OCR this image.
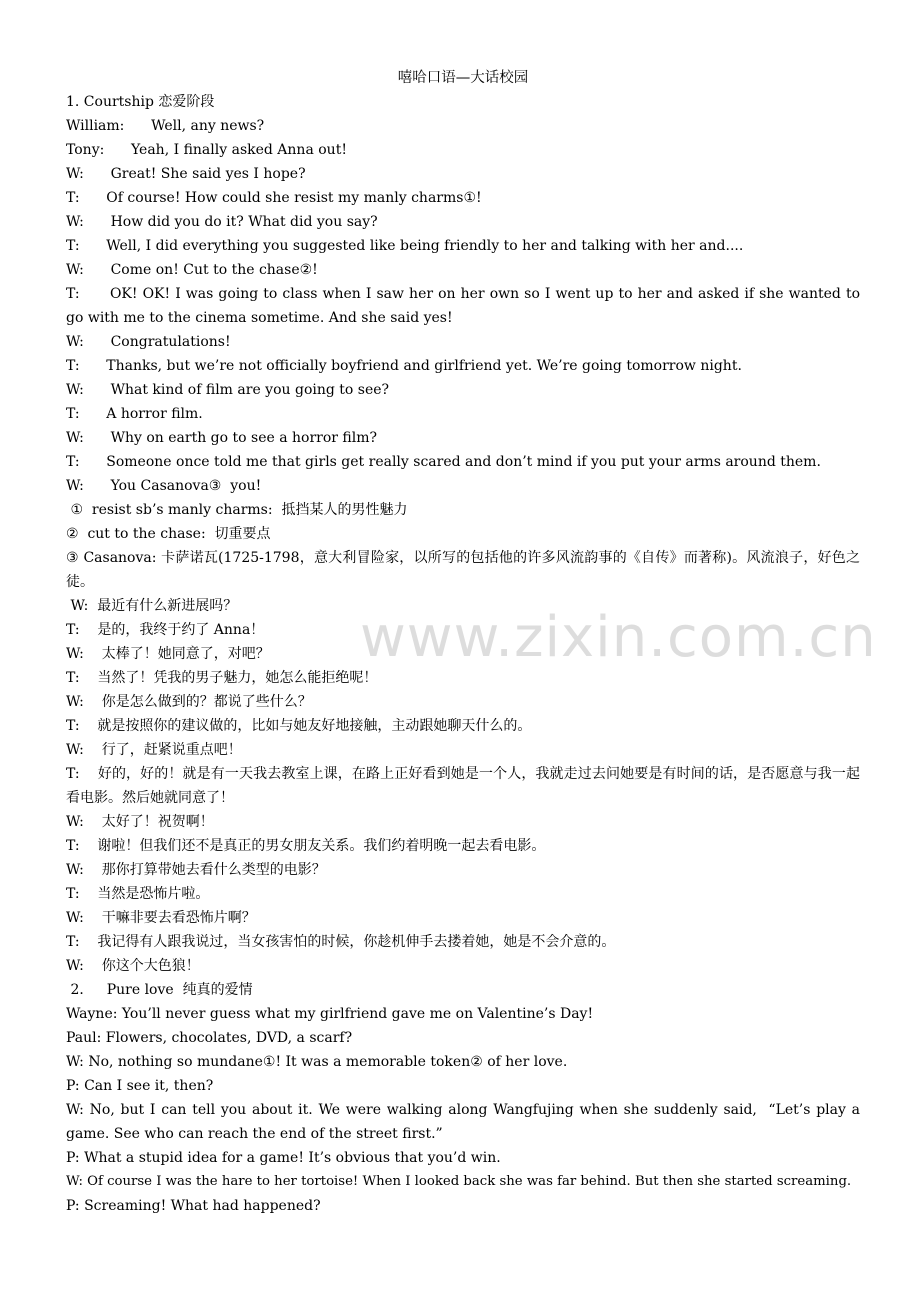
www.zixin.com.cn
嘻哈口语—大话校园
1. Courtship 恋爱阶段
William:      Well, any news?
Tony:      Yeah, I finally asked Anna out!
W:      Great! She said yes I hope?
T:      Of course! How could she resist my manly charms①!
W:      How did you do it? What did you say?
T:      Well, I did everything you suggested like being friendly to her and talking with her and....
W:      Come on! Cut to the chase②!
T:      OK! OK! I was going to class when I saw her on her own so I went up to her and asked if she wanted to go with me to the cinema sometime. And she said yes!
W:      Congratulations!
T:      Thanks, but we’re not officially boyfriend and girlfriend yet. We’re going tomorrow night.
W:      What kind of film are you going to see?
T:      A horror film.
W:      Why on earth go to see a horror film?
T:      Someone once told me that girls get really scared and don’t mind if you put your arms around them.
W:      You Casanova③  you!
①  resist sb’s manly charms:  抵挡某人的男性魅力
②  cut to the chase:  切重要点
③ Casanova: 卡萨诺瓦(1725-1798，意大利冒险家，以所写的包括他的许多风流韵事的《自传》而著称)。风流浪子，好色之徒。
W:  最近有什么新进展吗？
T:    是的，我终于约了 Anna！
W:    太棒了！她同意了，对吧？
T:    当然了！凭我的男子魅力，她怎么能拒绝呢！
W:    你是怎么做到的？都说了些什么？
T:    就是按照你的建议做的，比如与她友好地接触，主动跟她聊天什么的。
W:    行了，赶紧说重点吧！
T:    好的，好的！就是有一天我去教室上课，在路上正好看到她是一个人，我就走过去问她要是有时间的话，是否愿意与我一起看电影。然后她就同意了！
W:    太好了！祝贺啊！
T:    谢啦！但我们还不是真正的男女朋友关系。我们约着明晚一起去看电影。
W:    那你打算带她去看什么类型的电影？
T:    当然是恐怖片啦。
W:    干嘛非要去看恐怖片啊？
T:    我记得有人跟我说过，当女孩害怕的时候，你趁机伸手去搂着她，她是不会介意的。
W:    你这个大色狼！
2．   Pure love  纯真的爱情
Wayne: You’ll never guess what my girlfriend gave me on Valentine’s Day!
Paul: Flowers, chocolates, DVD, a scarf?
W: No, nothing so mundane①! It was a memorable token② of her love.
P: Can I see it, then?
W: No, but I can tell you about it. We were walking along Wangfujing when she suddenly said,  “Let’s play a game. See who can reach the end of the street first.”
P: What a stupid idea for a game! It’s obvious that you’d win.
W: Of course I was the hare to her tortoise! When I looked back she was far behind. But then she started screaming.
P: Screaming! What had happened?
